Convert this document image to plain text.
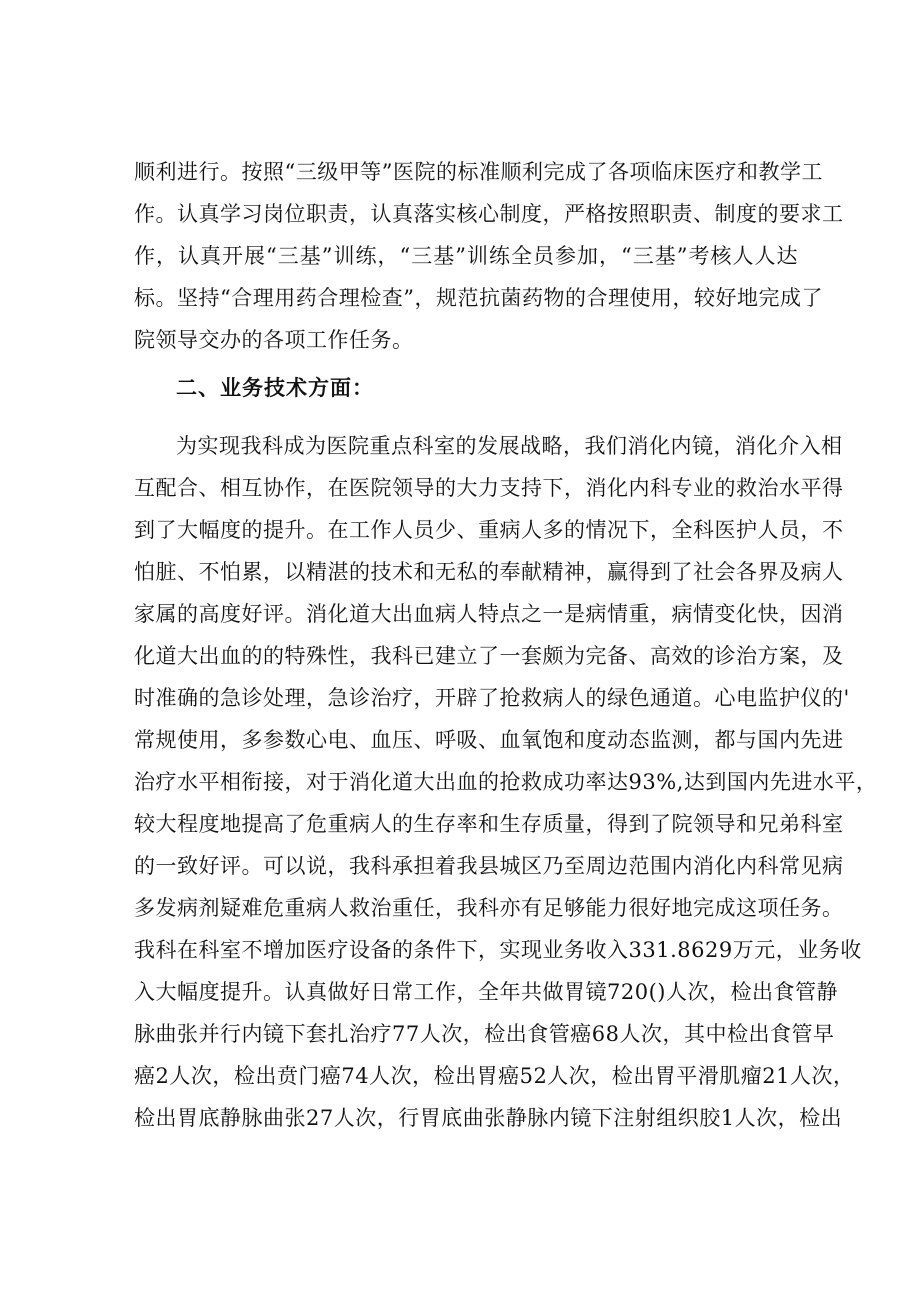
顺利进行。按照“三级甲等”医院的标准顺利完成了各项临床医疗和教学工
作。认真学习岗位职责，认真落实核心制度，严格按照职责、制度的要求工
作，认真开展“三基”训练，“三基”训练全员参加，“三基”考核人人达
标。坚持“合理用药合理检查”，规范抗菌药物的合理使用，较好地完成了
院领导交办的各项工作任务。
二、业务技术方面：
为实现我科成为医院重点科室的发展战略，我们消化内镜，消化介入相
互配合、相互协作，在医院领导的大力支持下，消化内科专业的救治水平得
到了大幅度的提升。在工作人员少、重病人多的情况下，全科医护人员，不
怕脏、不怕累，以精湛的技术和无私的奉献精神，赢得到了社会各界及病人
家属的高度好评。消化道大出血病人特点之一是病情重，病情变化快，因消
化道大出血的的特殊性，我科已建立了一套颇为完备、高效的诊治方案，及
时准确的急诊处理，急诊治疗，开辟了抢救病人的绿色通道。心电监护仪的'
常规使用，多参数心电、血压、呼吸、血氧饱和度动态监测，都与国内先进
治疗水平相衔接，对于消化道大出血的抢救成功率达93%,达到国内先进水平，
较大程度地提高了危重病人的生存率和生存质量，得到了院领导和兄弟科室
的一致好评。可以说，我科承担着我县城区乃至周边范围内消化内科常见病
多发病剂疑难危重病人救治重任，我科亦有足够能力很好地完成这项任务。
我科在科室不增加医疗设备的条件下，实现业务收入331.8629万元，业务收
入大幅度提升。认真做好日常工作，全年共做胃镜720()人次，检出食管静
脉曲张并行内镜下套扎治疗77人次，检出食管癌68人次，其中检出食管早
癌2人次，检出贲门癌74人次，检出胃癌52人次，检出胃平滑肌瘤21人次，
检出胃底静脉曲张27人次，行胃底曲张静脉内镜下注射组织胶1人次，检出
